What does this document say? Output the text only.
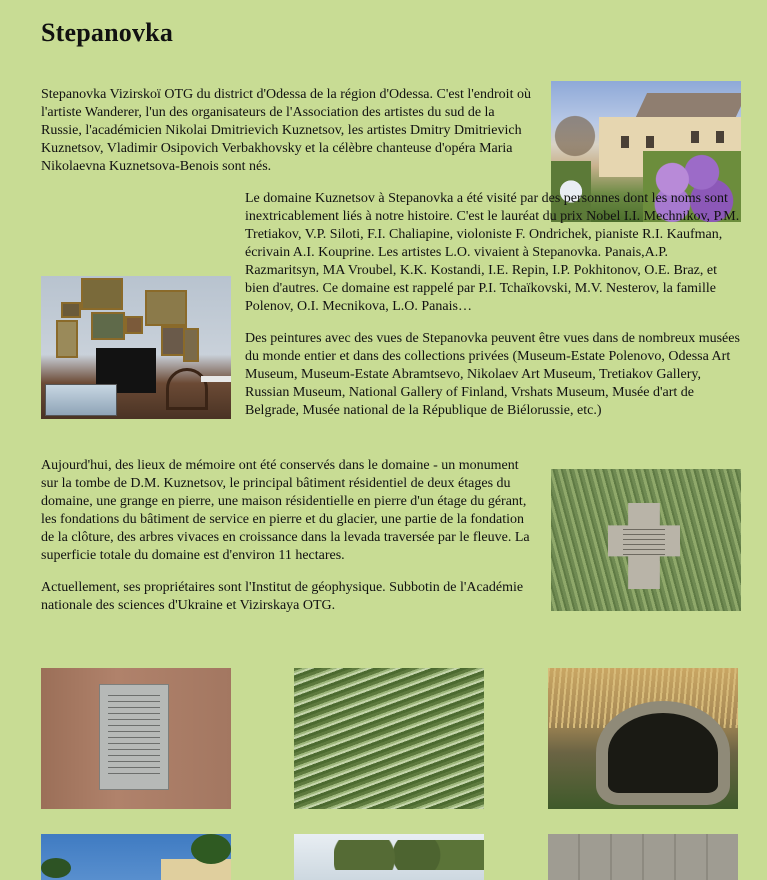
Stepanovka

Stepanovka Vizirskoï OTG du district d'Odessa de la région d'Odessa. C'est l'endroit où l'artiste Wanderer, l'un des organisateurs de l'Association des artistes du sud de la Russie, l'académicien Nikolai Dmitrievich Kuznetsov, les artistes Dmitry Dmitrievich Kuznetsov, Vladimir Osipovich Verbakhovsky et la célèbre chanteuse d'opéra Maria Nikolaevna Kuznetsova-Benois sont nés.

Le domaine Kuznetsov à Stepanovka a été visité par des personnes dont les noms sont inextricablement liés à notre histoire. C'est le lauréat du prix Nobel I.I. Mechnikov, P.M. Tretiakov, V.P. Siloti, F.I. Chaliapine, violoniste F. Ondrichek, pianiste R.I. Kaufman, écrivain A.I. Kouprine. Les artistes L.O. vivaient à Stepanovka. Panais,A.P. Razmaritsyn, MA Vroubel, K.K. Kostandi, I.E. Repin, I.P. Pokhitonov, O.E. Braz, et bien d'autres. Ce domaine est rappelé par P.I. Tchaïkovski, M.V. Nesterov, la famille Polenov, O.I. Mecnikova, L.O. Panais…

Des peintures avec des vues de Stepanovka peuvent être vues dans de nombreux musées du monde entier et dans des collections privées (Museum-Estate Polenovo, Odessa Art Museum, Museum-Estate Abramtsevo, Nikolaev Art Museum, Tretiakov Gallery, Russian Museum, National Gallery of Finland, Vrshats Museum, Musée d'art de Belgrade, Musée national de la République de Biélorussie, etc.)

Aujourd'hui, des lieux de mémoire ont été conservés dans le domaine - un monument sur la tombe de D.M. Kuznetsov, le principal bâtiment résidentiel de deux étages du domaine, une grange en pierre, une maison résidentielle en pierre d'un étage du gérant, les fondations du bâtiment de service en pierre et du glacier, une partie de la fondation de la clôture, des arbres vivaces en croissance dans la levada traversée par le fleuve. La superficie totale du domaine est d'environ 11 hectares.

Actuellement, ses propriétaires sont l'Institut de géophysique. Subbotin de l'Académie nationale des sciences d'Ukraine et Vizirskaya OTG.
